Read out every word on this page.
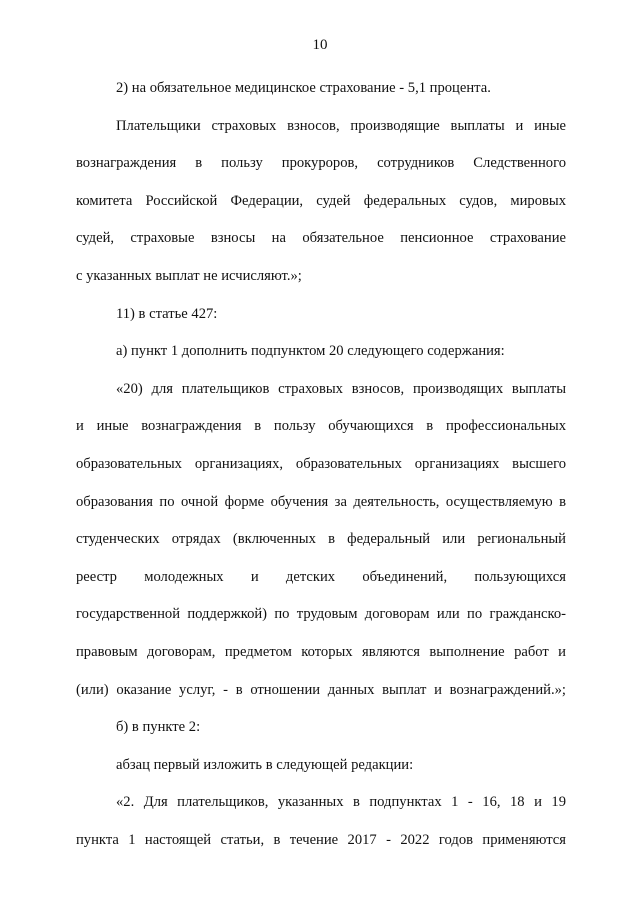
10
2) на обязательное медицинское страхование - 5,1 процента.
Плательщики страховых взносов, производящие выплаты и иные
вознаграждения в пользу прокуроров, сотрудников Следственного
комитета Российской Федерации, судей федеральных судов, мировых
судей, страховые взносы на обязательное пенсионное страхование
с указанных выплат не исчисляют.»;
11) в статье 427:
а) пункт 1 дополнить подпунктом 20 следующего содержания:
«20) для плательщиков страховых взносов, производящих выплаты
и иные вознаграждения в пользу обучающихся в профессиональных
образовательных организациях, образовательных организациях высшего
образования по очной форме обучения за деятельность, осуществляемую в
студенческих отрядах (включенных в федеральный или региональный
реестр молодежных и детских объединений, пользующихся
государственной поддержкой) по трудовым договорам или по гражданско-
правовым договорам, предметом которых являются выполнение работ и
(или) оказание услуг, - в отношении данных выплат и вознаграждений.»;
б) в пункте 2:
абзац первый изложить в следующей редакции:
«2. Для плательщиков, указанных в подпунктах 1 - 16, 18 и 19
пункта 1 настоящей статьи, в течение 2017 - 2022 годов применяются
